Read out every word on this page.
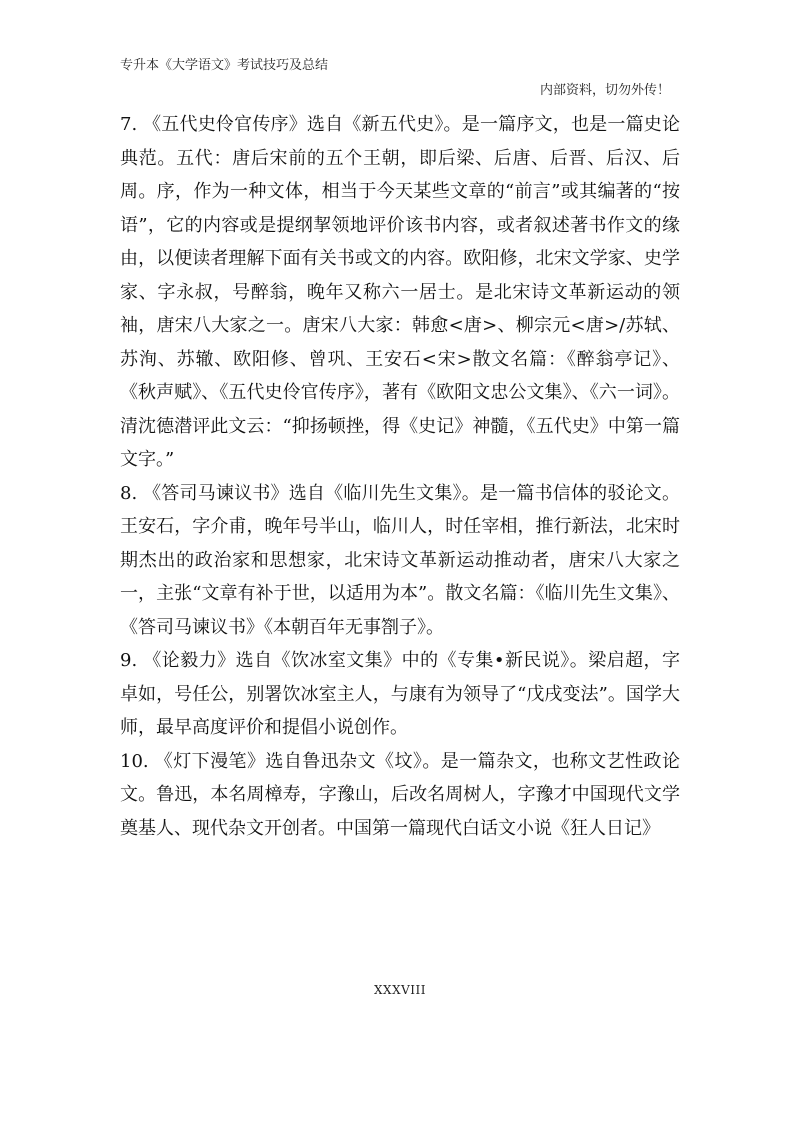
专升本《大学语文》考试技巧及总结
内部资料，切勿外传！

7. 《五代史伶官传序》选自《新五代史》。是一篇序文，也是一篇史论典范。五代：唐后宋前的五个王朝，即后梁、后唐、后晋、后汉、后周。序，作为一种文体，相当于今天某些文章的“前言”或其编著的“按语”，它的内容或是提纲挈领地评价该书内容，或者叙述著书作文的缘由，以便读者理解下面有关书或文的内容。欧阳修，北宋文学家、史学家、字永叔，号醉翁，晚年又称六一居士。是北宋诗文革新运动的领袖，唐宋八大家之一。唐宋八大家：韩愈<唐>、柳宗元<唐>/苏轼、苏洵、苏辙、欧阳修、曾巩、王安石<宋>散文名篇：《醉翁亭记》、《秋声赋》、《五代史伶官传序》，著有《欧阳文忠公文集》、《六一词》。清沈德潜评此文云：“抑扬顿挫，得《史记》神髓，《五代史》中第一篇文字。”

8. 《答司马谏议书》选自《临川先生文集》。是一篇书信体的驳论文。王安石，字介甫，晚年号半山，临川人，时任宰相，推行新法，北宋时期杰出的政治家和思想家，北宋诗文革新运动推动者，唐宋八大家之一，主张“文章有补于世，以适用为本”。散文名篇：《临川先生文集》、《答司马谏议书》《本朝百年无事劄子》。

9. 《论毅力》选自《饮冰室文集》中的《专集•新民说》。梁启超，字卓如，号任公，别署饮冰室主人，与康有为领导了“戊戌变法”。国学大师，最早高度评价和提倡小说创作。

10. 《灯下漫笔》选自鲁迅杂文《坟》。是一篇杂文，也称文艺性政论文。鲁迅，本名周樟寿，字豫山，后改名周树人，字豫才中国现代文学奠基人、现代杂文开创者。中国第一篇现代白话文小说《狂人日记》

XXXVIII
